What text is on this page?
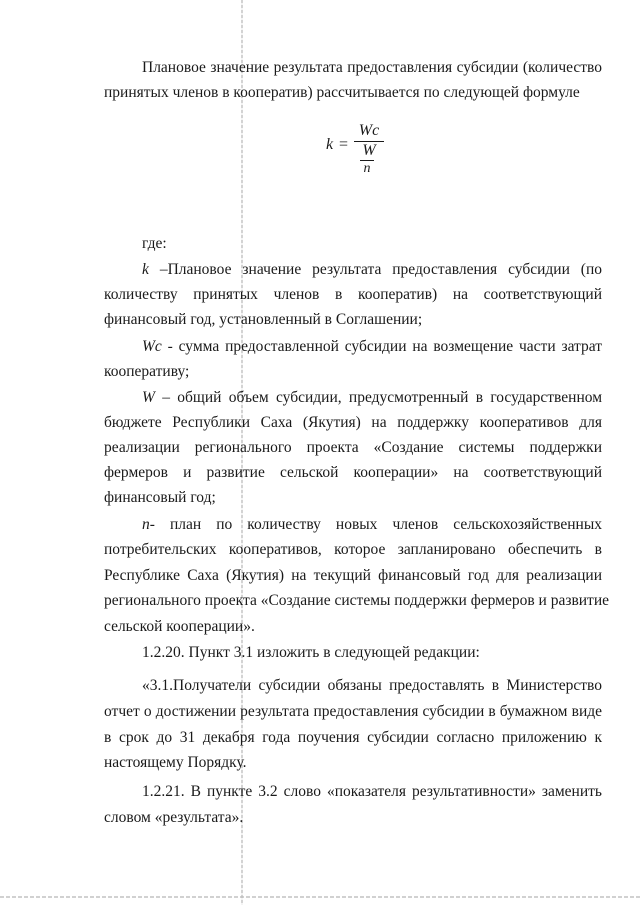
Плановое значение результата предоставления субсидии (количество
принятых членов в кооператив) рассчитывается по следующей формуле
k =
Wc
W
n
где:
k –Плановое значение результата предоставления субсидии (по
количеству принятых членов в кооператив) на соответствующий
финансовый год, установленный в Соглашении;
Wc - сумма предоставленной субсидии на возмещение части затрат
кооперативу;
W – общий объем субсидии, предусмотренный в государственном
бюджете Республики Саха (Якутия) на поддержку кооперативов для
реализации регионального проекта «Создание системы поддержки
фермеров и развитие сельской кооперации» на соответствующий
финансовый год;
n- план по количеству новых членов сельскохозяйственных
потребительских кооперативов, которое запланировано обеспечить в
Республике Саха (Якутия) на текущий финансовый год для реализации
регионального проекта «Создание системы поддержки фермеров и развитие
сельской кооперации».
1.2.20. Пункт 3.1 изложить в следующей редакции:
«3.1.Получатели субсидии обязаны предоставлять в Министерство
отчет о достижении результата предоставления субсидии в бумажном виде
в срок до 31 декабря года поучения субсидии согласно приложению к
настоящему Порядку.
1.2.21. В пункте 3.2 слово «показателя результативности» заменить
словом «результата».
